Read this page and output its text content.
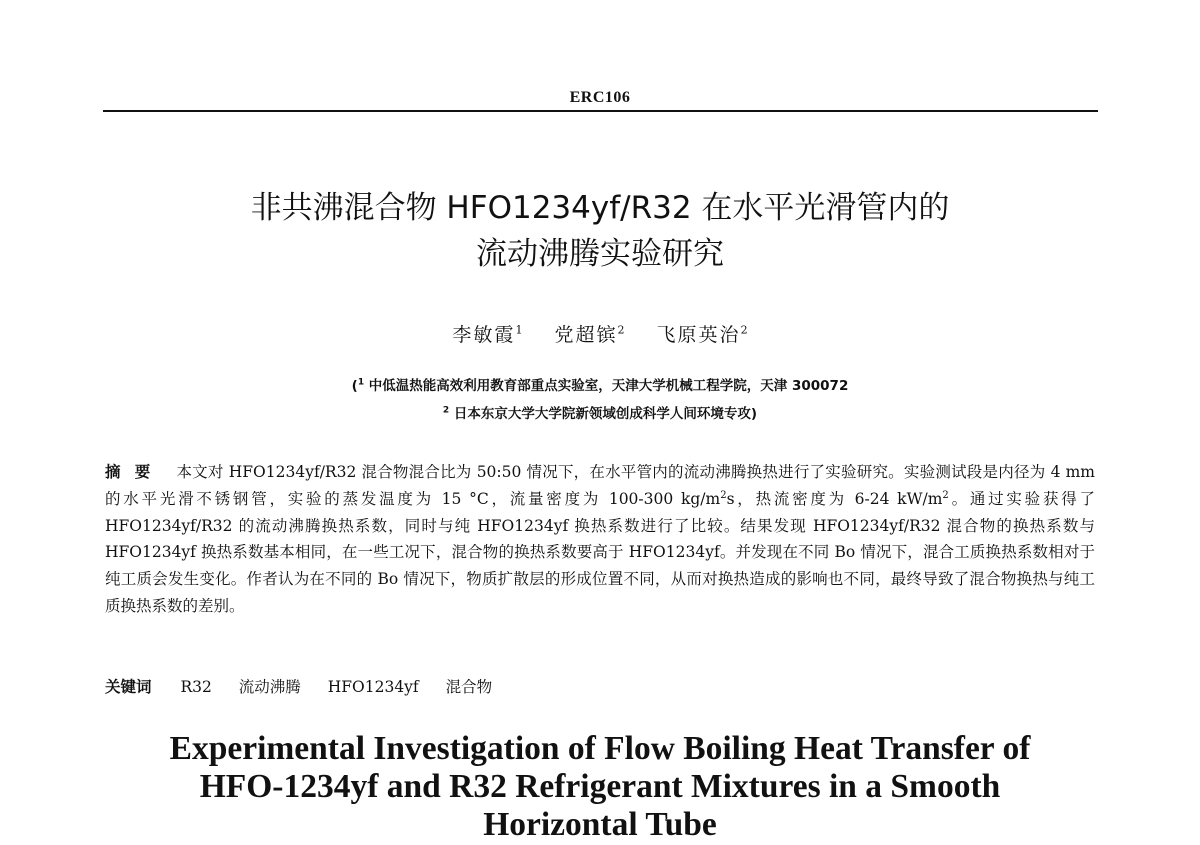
ERC106
非共沸混合物 HFO1234yf/R32 在水平光滑管内的
流动沸腾实验研究
李敏霞$^1$ 党超镔$^2$ 飞原英治$^2$
($^1$ 中低温热能高效利用教育部重点实验室，天津大学机械工程学院，天津 300072
$^2$ 日本东京大学大学院新领域创成科学人间环境专攻)
摘要 本文对 HFO1234yf/R32 混合物混合比为 50:50 情况下，在水平管内的流动沸腾换热进行了实验研究。实验测试段是内径为 4 mm 的水平光滑不锈钢管，实验的蒸发温度为 15 °C，流量密度为 100-300 $kg/m^2s$，热流密度为 6-24 $kW/m^2$。通过实验获得了 HFO1234yf/R32 的流动沸腾换热系数，同时与纯 HFO1234yf 换热系数进行了比较。结果发现 HFO1234yf/R32 混合物的换热系数与 HFO1234yf 换热系数基本相同，在一些工况下，混合物的换热系数要高于 HFO1234yf。并发现在不同 Bo 情况下，混合工质换热系数相对于纯工质会发生变化。作者认为在不同的 Bo 情况下，物质扩散层的形成位置不同，从而对换热造成的影响也不同，最终导致了混合物换热与纯工质换热系数的差别。
关键词 R32 流动沸腾 HFO1234yf 混合物
Experimental Investigation of Flow Boiling Heat Transfer of
HFO-1234yf and R32 Refrigerant Mixtures in a Smooth
Horizontal Tube
